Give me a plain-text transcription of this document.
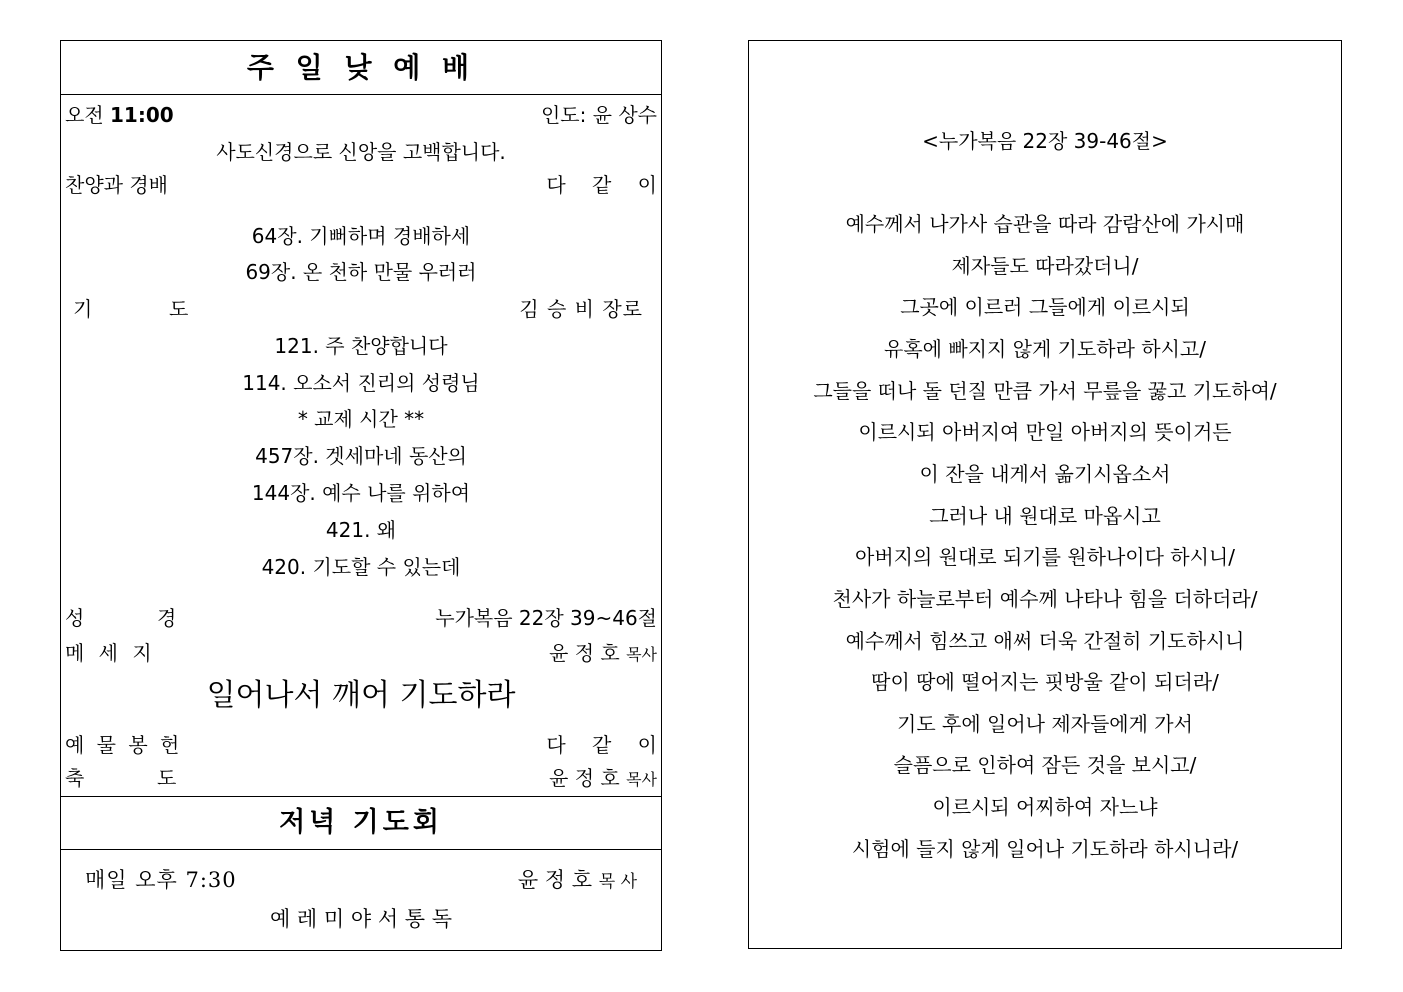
주 일 낮 예 배
오전 11:00	인도: 윤 상수
사도신경으로 신앙을 고백합니다.
찬양과 경배	다 같 이
64장. 기뻐하며 경배하세
69장. 온 천하 만물 우러러
기	도	김 승 비 장로
121. 주 찬양합니다
114. 오소서 진리의 성령님
* 교제 시간 **
457장. 겟세마네 동산의
144장. 예수 나를 위하여
421. 왜
420. 기도할 수 있는데
성	경	누가복음 22장 39~46절
메 세 지	윤 정 호 목사
일어나서 깨어 기도하라
예 물 봉 헌	다 같 이
축	도	윤 정 호 목사
저녁 기도회
매일 오후 7:30	윤 정 호 목 사
예 레 미 야 서 통 독
<누가복음 22장 39-46절>
예수께서 나가사 습관을 따라 감람산에 가시매
제자들도 따라갔더니/
그곳에 이르러 그들에게 이르시되
유혹에 빠지지 않게 기도하라 하시고/
그들을 떠나 돌 던질 만큼 가서 무릎을 꿇고 기도하여/
이르시되 아버지여 만일 아버지의 뜻이거든
이 잔을 내게서 옮기시옵소서
그러나 내 원대로 마옵시고
아버지의 원대로 되기를 원하나이다 하시니/
천사가 하늘로부터 예수께 나타나 힘을 더하더라/
예수께서 힘쓰고 애써 더욱 간절히 기도하시니
땀이 땅에 떨어지는 핏방울 같이 되더라/
기도 후에 일어나 제자들에게 가서
슬픔으로 인하여 잠든 것을 보시고/
이르시되 어찌하여 자느냐
시험에 들지 않게 일어나 기도하라 하시니라/
